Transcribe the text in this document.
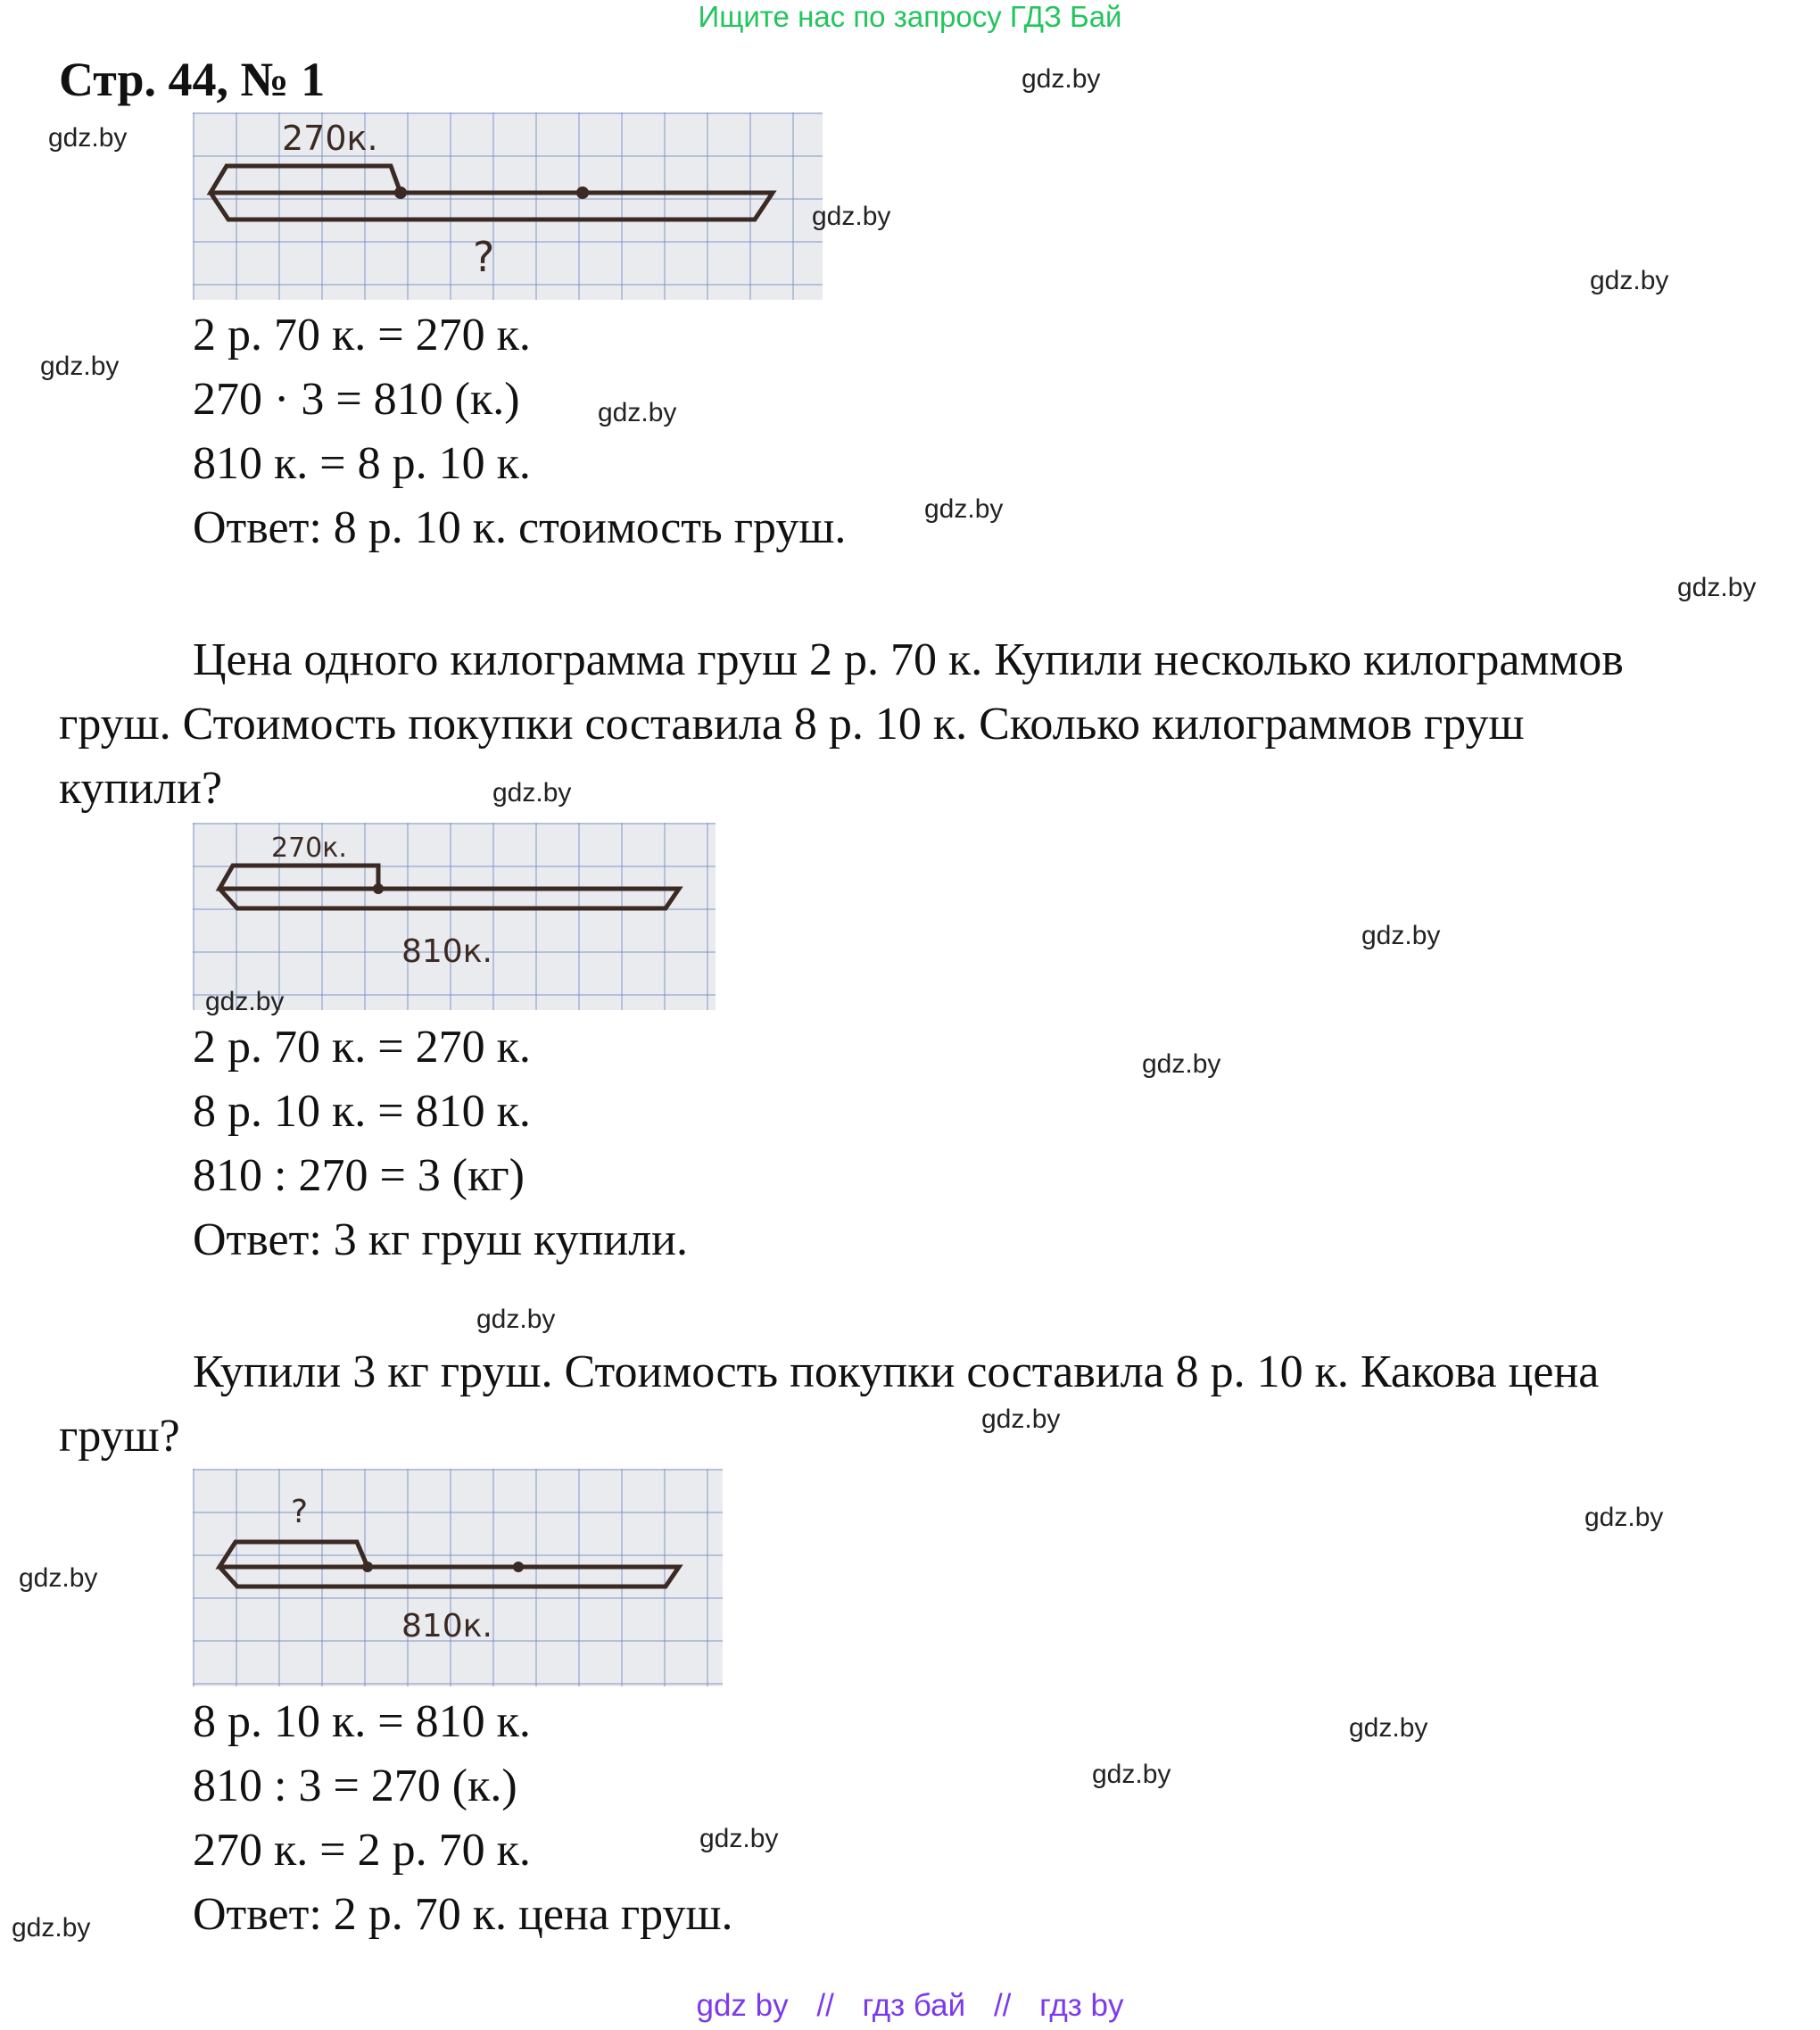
Ищите нас по запросу ГДЗ Бай
Стр. 44, № 1
270к.
?
2 р. 70 к. = 270 к.
270 · 3 = 810 (к.)
810 к. = 8 р. 10 к.
Ответ: 8 р. 10 к. стоимость груш.
Цена одного килограмма груш 2 р. 70 к. Купили несколько килограммов
груш. Стоимость покупки составила 8 р. 10 к. Сколько килограммов груш
купили?
270к.
810к.
2 р. 70 к. = 270 к.
8 р. 10 к. = 810 к.
810 : 270 = 3 (кг)
Ответ: 3 кг груш купили.
Купили 3 кг груш. Стоимость покупки составила 8 р. 10 к. Какова цена
груш?
?
810к.
8 р. 10 к. = 810 к.
810 : 3 = 270 (к.)
270 к. = 2 р. 70 к.
Ответ: 2 р. 70 к. цена груш.
gdz.by
gdz.by
gdz.by
gdz.by
gdz.by
gdz.by
gdz.by
gdz.by
gdz.by
gdz.by
gdz.by
gdz.by
gdz.by
gdz.by
gdz.by
gdz.by
gdz.by
gdz.by
gdz.by
gdz.by
gdz by // гдз бай // гдз by
